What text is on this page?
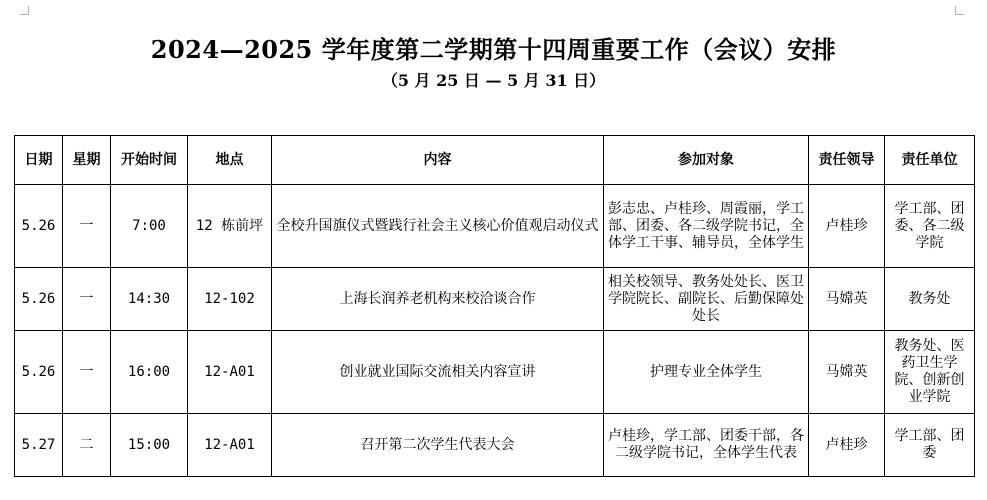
2024—2025 学年度第二学期第十四周重要工作（会议）安排
（5 月 25 日 — 5 月 31 日）
日期	星期	开始时间	地点	内容	参加对象	责任领导	责任单位
5.26	一	7:00	12 栋前坪	全校升国旗仪式暨践行社会主义核心价值观启动仪式	彭志忠、卢桂珍、周霞丽，学工部、团委、各二级学院书记，全体学工干事、辅导员，全体学生	卢桂珍	学工部、团委、各二级学院
5.26	一	14:30	12-102	上海长润养老机构来校洽谈合作	相关校领导、教务处处长、医卫学院院长、副院长、后勤保障处处长	马嫦英	教务处
5.26	一	16:00	12-A01	创业就业国际交流相关内容宣讲	护理专业全体学生	马嫦英	教务处、医药卫生学院、创新创业学院
5.27	二	15:00	12-A01	召开第二次学生代表大会	卢桂珍，学工部、团委干部，各二级学院书记，全体学生代表	卢桂珍	学工部、团委
